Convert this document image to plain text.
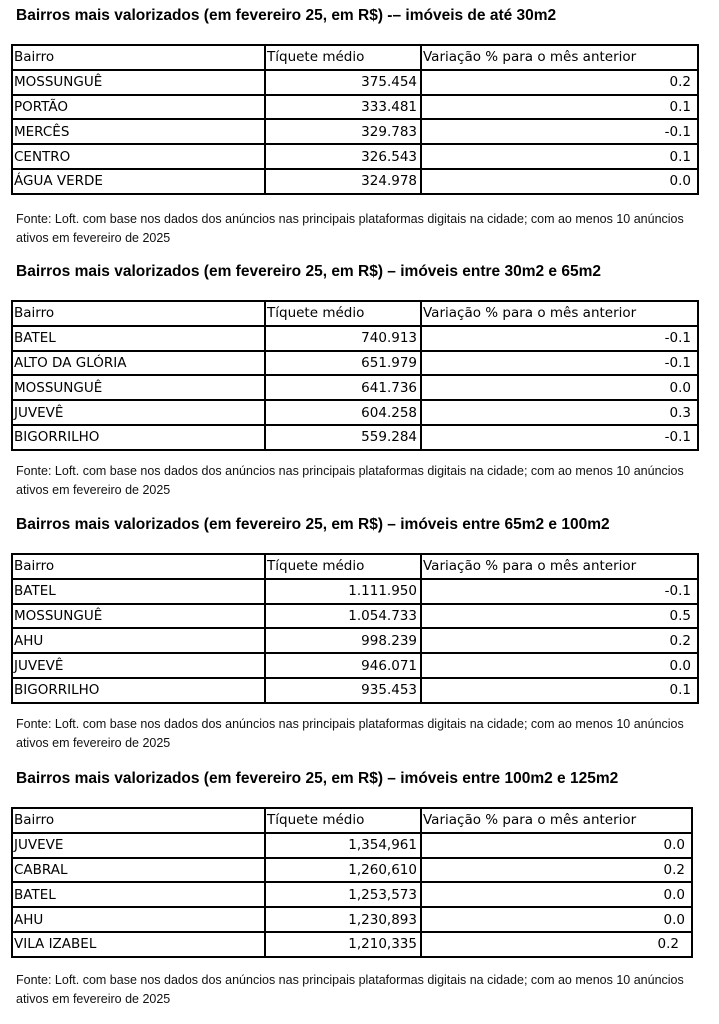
Bairros mais valorizados (em fevereiro 25, em R$) -– imóveis de até 30m2
Bairro	Tíquete médio	Variação % para o mês anterior
MOSSUNGUÊ	375.454	0.2
PORTÃO	333.481	0.1
MERCÊS	329.783	-0.1
CENTRO	326.543	0.1
ÁGUA VERDE	324.978	0.0
Fonte: Loft. com base nos dados dos anúncios nas principais plataformas digitais na cidade; com ao menos 10 anúncios ativos em fevereiro de 2025
Bairros mais valorizados (em fevereiro 25, em R$) – imóveis entre 30m2 e 65m2
Bairro	Tíquete médio	Variação % para o mês anterior
BATEL	740.913	-0.1
ALTO DA GLÓRIA	651.979	-0.1
MOSSUNGUÊ	641.736	0.0
JUVEVÊ	604.258	0.3
BIGORRILHO	559.284	-0.1
Fonte: Loft. com base nos dados dos anúncios nas principais plataformas digitais na cidade; com ao menos 10 anúncios ativos em fevereiro de 2025
Bairros mais valorizados (em fevereiro 25, em R$) – imóveis entre 65m2 e 100m2
Bairro	Tíquete médio	Variação % para o mês anterior
BATEL	1.111.950	-0.1
MOSSUNGUÊ	1.054.733	0.5
AHU	998.239	0.2
JUVEVÊ	946.071	0.0
BIGORRILHO	935.453	0.1
Fonte: Loft. com base nos dados dos anúncios nas principais plataformas digitais na cidade; com ao menos 10 anúncios ativos em fevereiro de 2025
Bairros mais valorizados (em fevereiro 25, em R$) – imóveis entre 100m2 e 125m2
Bairro	Tíquete médio	Variação % para o mês anterior
JUVEVE	1,354,961	0.0
CABRAL	1,260,610	0.2
BATEL	1,253,573	0.0
AHU	1,230,893	0.0
VILA IZABEL	1,210,335	0.2
Fonte: Loft. com base nos dados dos anúncios nas principais plataformas digitais na cidade; com ao menos 10 anúncios ativos em fevereiro de 2025
